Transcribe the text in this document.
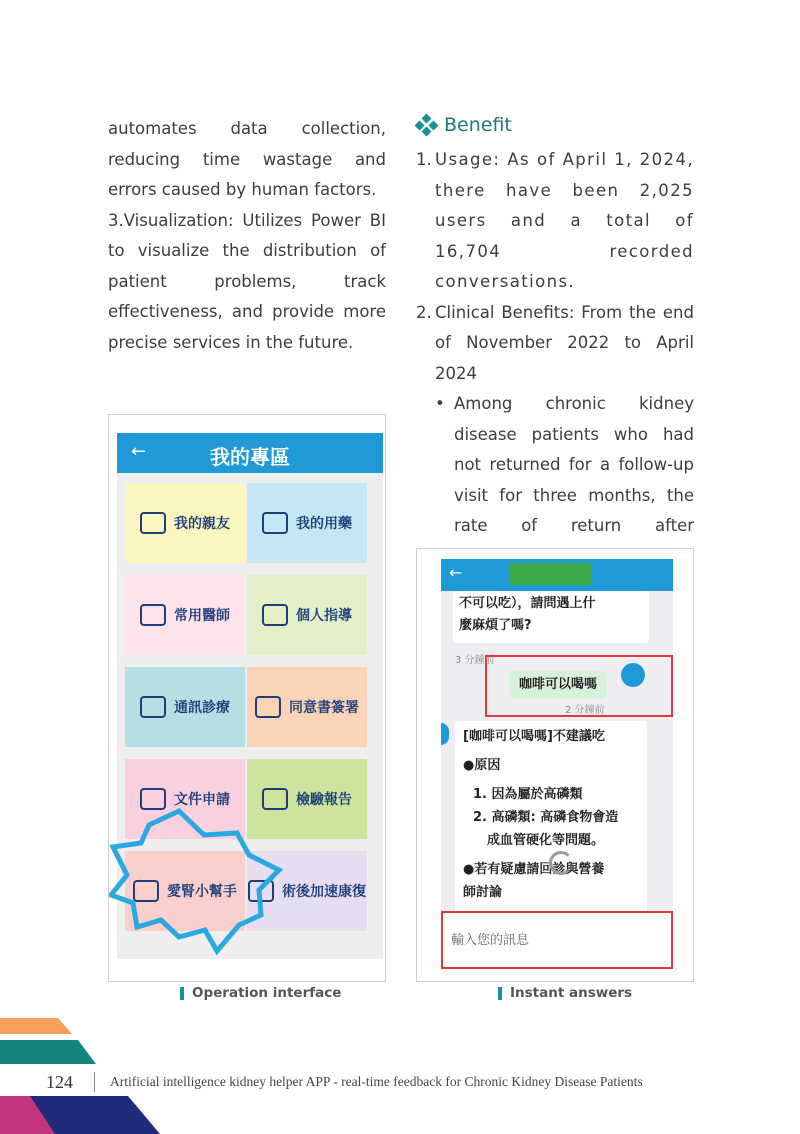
automates data collection, reducing time wastage and errors caused by human factors.

3.Visualization: Utilizes Power BI to visualize the distribution of patient problems, track effectiveness, and provide more precise services in the future.

Benefit
1. Usage: As of April 1, 2024, there have been 2,025 users and a total of 16,704 recorded conversations.
2. Clinical Benefits: From the end of November 2022 to April 2024
• Among chronic kidney disease patients who had not returned for a follow-up visit for three months, the rate of return after
←	我的專區
我的親友	我的用藥
常用醫師	個人指導
通訊診療	同意書簽署
文件申請	檢驗報告
愛腎小幫手	術後加速康復
Operation interface
←
不可以吃），請問遇上什
麼麻煩了嗎?
3 分鐘前
咖啡可以喝嗎
2 分鐘前
[咖啡可以喝嗎]不建議吃
●原因
1. 因為屬於高磷類
2. 高磷類: 高磷食物會造
成血管硬化等問題。
●若有疑慮請回診與營養
師討論
輸入您的訊息
Instant answers
124	Artificial intelligence kidney helper APP - real-time feedback for Chronic Kidney Disease Patients
